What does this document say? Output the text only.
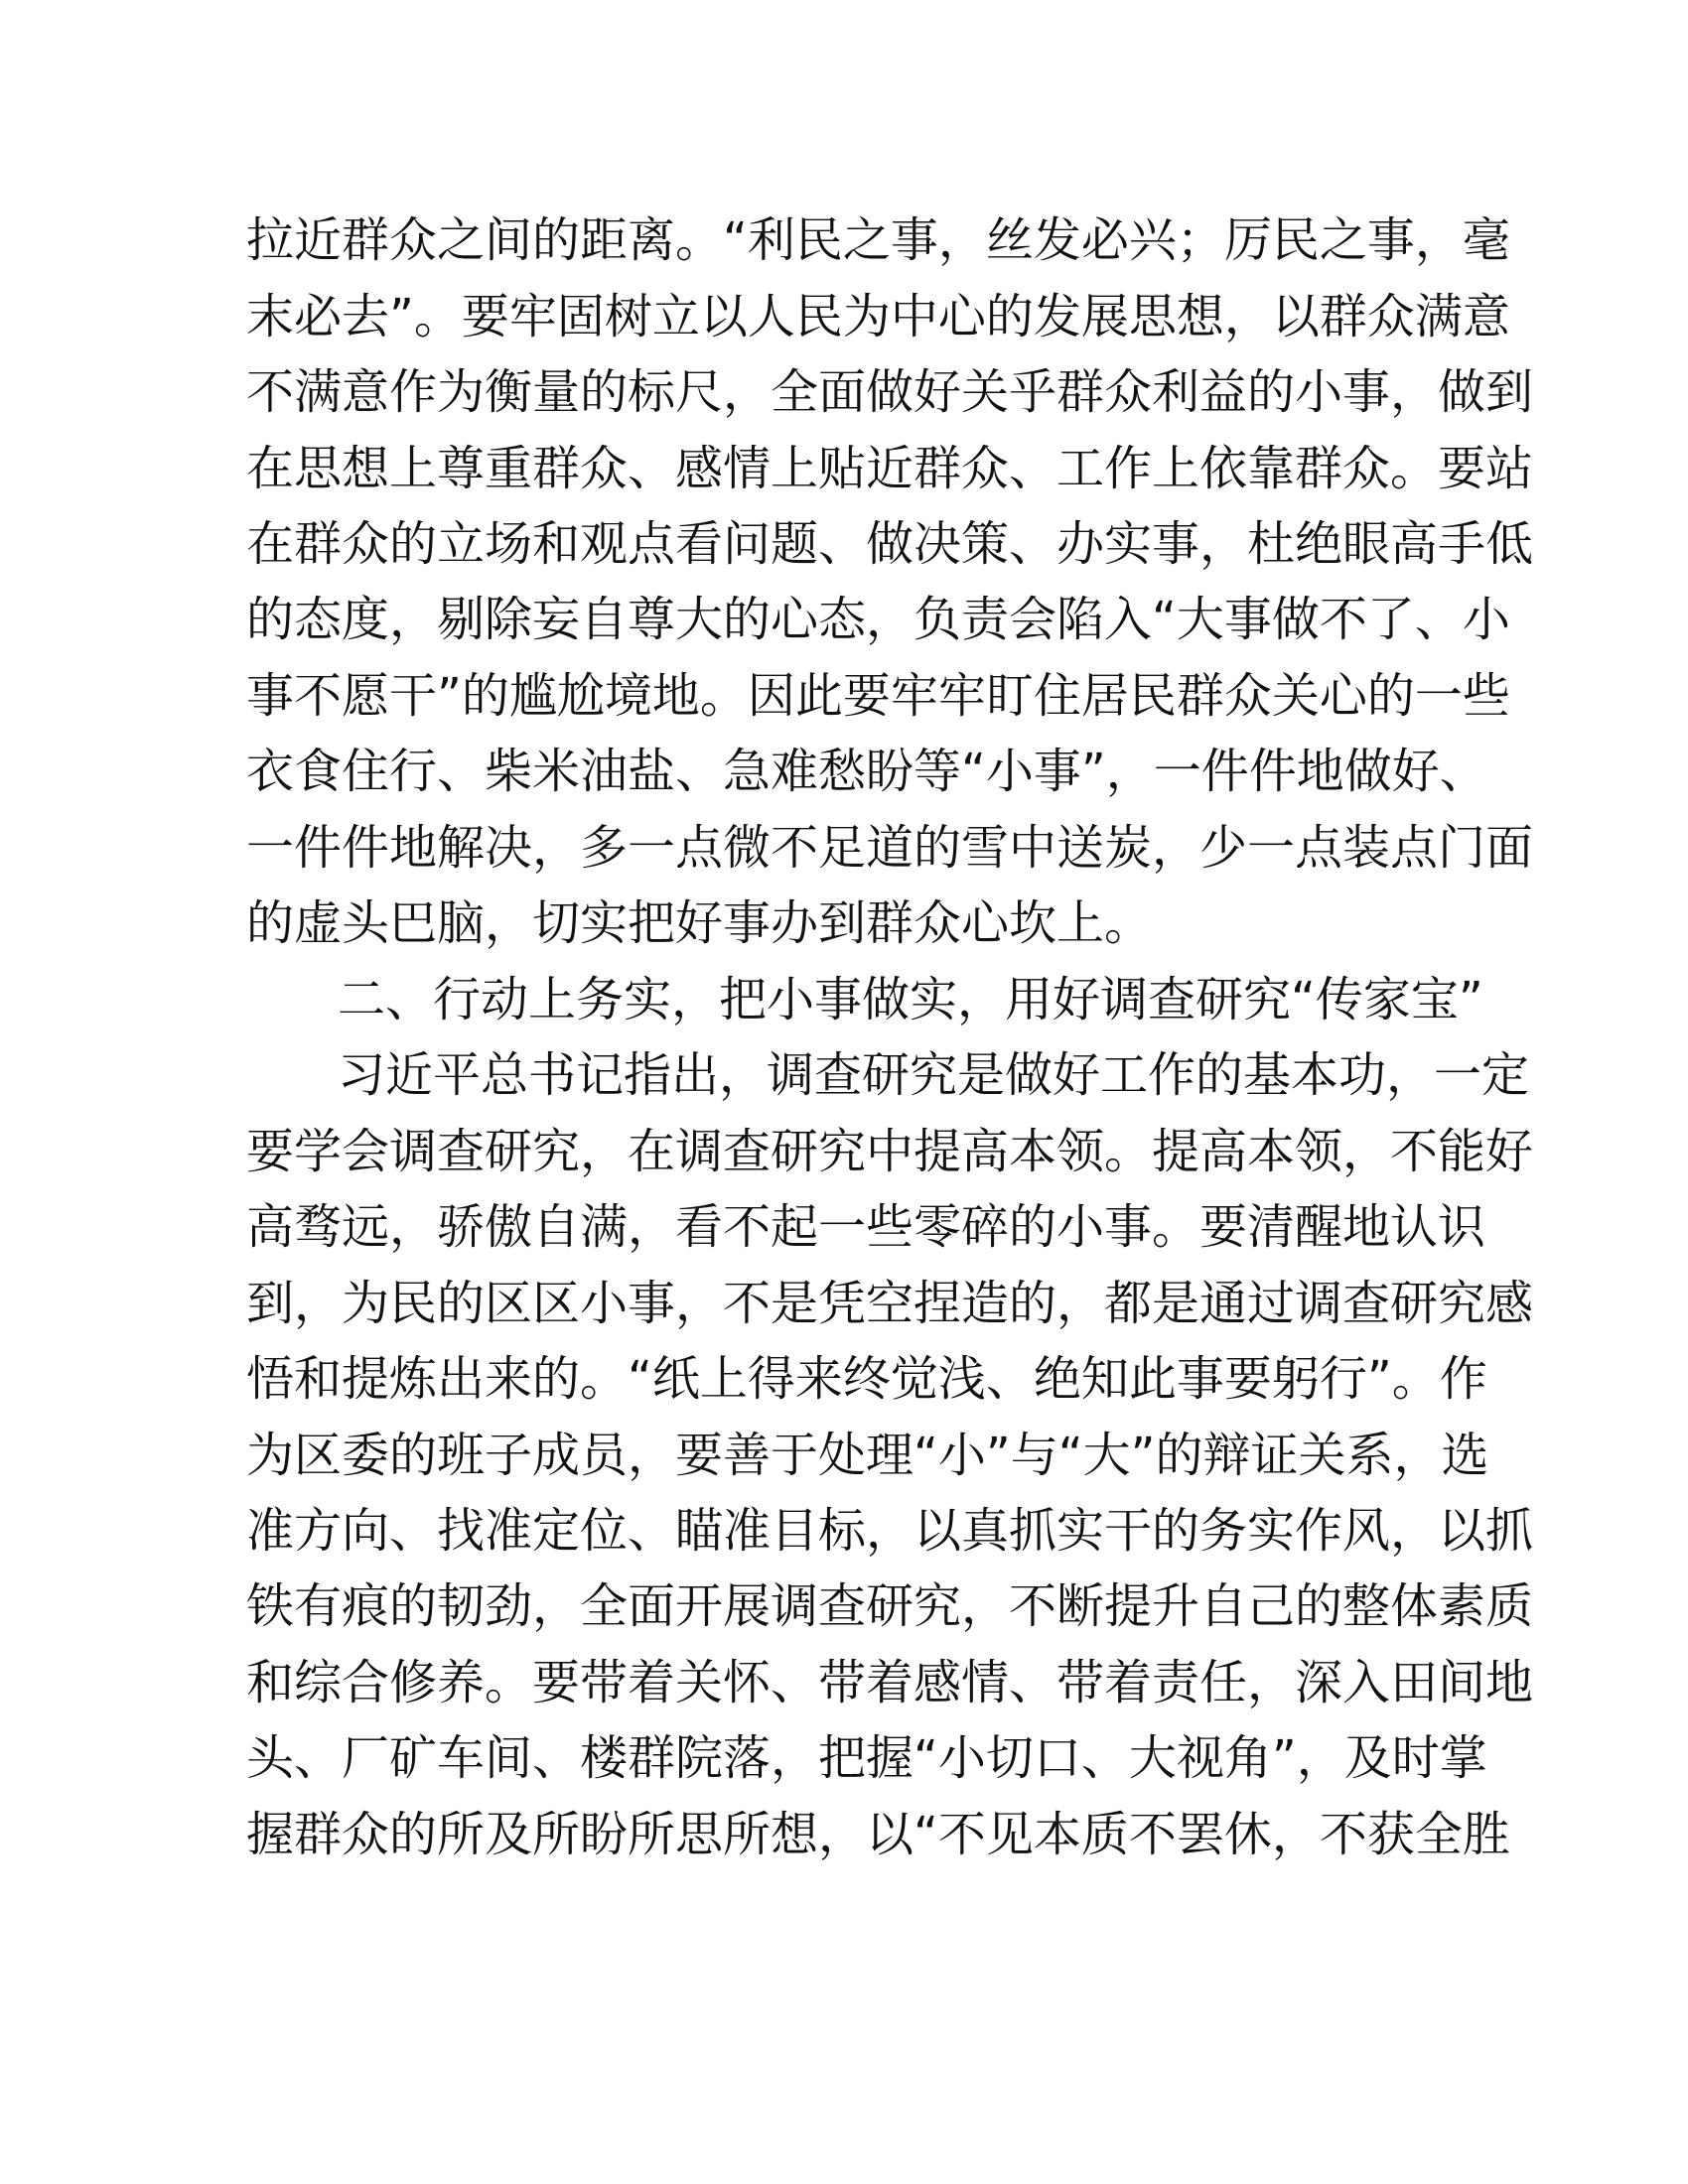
拉近群众之间的距离。“利民之事，丝发必兴；厉民之事，毫
末必去”。要牢固树立以人民为中心的发展思想，以群众满意
不满意作为衡量的标尺，全面做好关乎群众利益的小事，做到
在思想上尊重群众、感情上贴近群众、工作上依靠群众。要站
在群众的立场和观点看问题、做决策、办实事，杜绝眼高手低
的态度，剔除妄自尊大的心态，负责会陷入“大事做不了、小
事不愿干”的尴尬境地。因此要牢牢盯住居民群众关心的一些
衣食住行、柴米油盐、急难愁盼等“小事”，一件件地做好、
一件件地解决，多一点微不足道的雪中送炭，少一点装点门面
的虚头巴脑，切实把好事办到群众心坎上。
二、行动上务实，把小事做实，用好调查研究“传家宝”
习近平总书记指出，调查研究是做好工作的基本功，一定
要学会调查研究，在调查研究中提高本领。提高本领，不能好
高骛远，骄傲自满，看不起一些零碎的小事。要清醒地认识
到，为民的区区小事，不是凭空捏造的，都是通过调查研究感
悟和提炼出来的。“纸上得来终觉浅、绝知此事要躬行”。作
为区委的班子成员，要善于处理“小”与“大”的辩证关系，选
准方向、找准定位、瞄准目标，以真抓实干的务实作风，以抓
铁有痕的韧劲，全面开展调查研究，不断提升自己的整体素质
和综合修养。要带着关怀、带着感情、带着责任，深入田间地
头、厂矿车间、楼群院落，把握“小切口、大视角”，及时掌
握群众的所及所盼所思所想，以“不见本质不罢休，不获全胜
